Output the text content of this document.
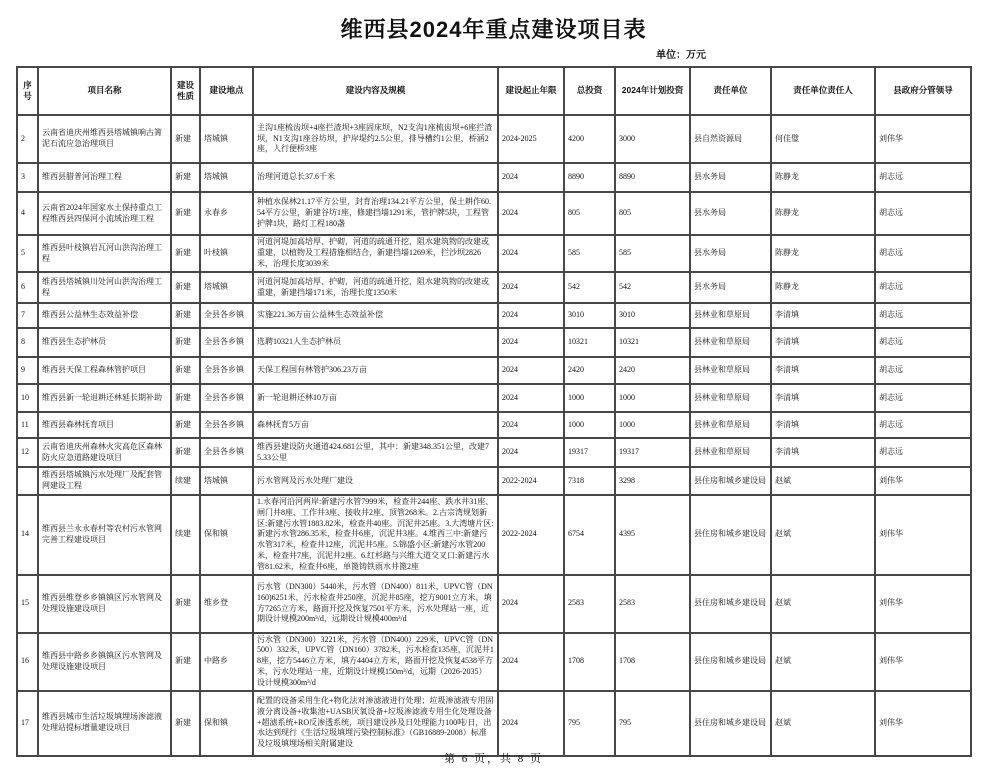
维西县2024年重点建设项目表
单位：万元
序号	项目名称	建设性质	建设地点	建设内容及规模	建设起止年限	总投资	2024年计划投资	责任单位	责任单位责任人	县政府分管领导
2	云南省迪庆州维西县塔城镇响古箐泥石流应急治理项目	新建	塔城镇	主沟1座梳齿坝+4座拦渣坝+3座固床坝，N2支沟1座梳齿坝+6座拦渣坝，N1支沟1座谷坊坝，护岸堤约2.5公里，排导槽约1公里，桥涵2座，人行便桥3座	2024-2025	4200	3000	县自然资源局	何佳璧	刘伟华
3	维西县腊普河治理工程	新建	塔城镇	治理河道总长37.6千米	2024	8890	8890	县水务局	陈静龙	胡志远
4	云南省2024年国家水土保持重点工程维西县四保河小流域治理工程	新建	永春乡	种植水保林21.17平方公里，封育治理134.21平方公里，保土耕作60.54平方公里，新建谷坊1座，修建挡墙1291米，管护牌5块，工程管护牌1块，路灯工程180盏	2024	805	805	县水务局	陈静龙	胡志远
5	维西县叶枝镇岩瓦河山洪沟治理工程	新建	叶枝镇	河道河堤加高培厚、护砌，河道的疏通开挖，阻水建筑物的改建或重建，以植物及工程措施相结合，新建挡墙1269米，拦沙坝2826米，治理长度3039米	2024	585	585	县水务局	陈静龙	胡志远
6	维西县塔城镇川处河山洪沟治理工程	新建	塔城镇	河道河堤加高培厚、护砌，河道的疏通开挖，阻水建筑物的改建或重建，新建挡墙171米，治理长度1350米	2024	542	542	县水务局	陈静龙	胡志远
7	维西县公益林生态效益补偿	新建	全县各乡镇	实施221.36万亩公益林生态效益补偿	2024	3010	3010	县林业和草原局	李清填	胡志远
8	维西县生态护林员	新建	全县各乡镇	选聘10321人生态护林员	2024	10321	10321	县林业和草原局	李清填	胡志远
9	维西县天保工程森林管护项目	新建	全县各乡镇	天保工程国有林管护306.23万亩	2024	2420	2420	县林业和草原局	李清填	胡志远
10	维西县新一轮退耕还林延长期补助	新建	全县各乡镇	新一轮退耕还林10万亩	2024	1000	1000	县林业和草原局	李清填	胡志远
11	维西县森林抚育项目	新建	全县各乡镇	森林抚育5万亩	2024	1000	1000	县林业和草原局	李清填	胡志远
12	云南省迪庆州森林火灾高危区森林防火应急道路建设项目	新建	全县各乡镇	维西县建设防火通道424.681公里，其中：新建348.351公里，改建75.33公里	2024	19317	19317	县林业和草原局	李清填	胡志远
	维西县塔城镇污水处理厂及配套管网建设工程	续建	塔城镇	污水管网及污水处理厂建设	2022-2024	7318	3298	县住房和城乡建设局	赵斌	刘伟华
14	维西县兰永永春村等农村污水管网完善工程建设项目	续建	保和镇	1.永春河沿河两岸:新建污水管7999米，检查井244座、跌水井31座、闸门井8座、工作井3座、接收井2座、顶管268米。2.古宗湾规划新区:新建污水管1883.82米，检查井40座。沉泥井25座。3.大湾塘片区:新建污水管286.35米，检查井6座，沉泥井3座。4.维西三中:新建污水管317米，检查井12座，沉泥井5座。5.锦盛小区:新建污水管200米，检查井7座，沉泥井2座。6.红杉路与兴维大道交叉口:新建污水管81.62米，检查井6座，单篦铸铁雨水井篦2座	2022-2024	6754	4395	县住房和城乡建设局	赵斌	刘伟华
15	维西县维登乡乡镇镇区污水管网及处理设施建设项目	新建	维乡登	污水管（DN300）5440米，污水管（DN400）811米，UPVC管（DN160)6251米，污水检查井250座，沉泥井85座，挖方9001立方米，填方7265立方米，路面开挖及恢复7501平方米，污水处理站一座，近期设计规模200m³/d，远期设计规模400m³/d	2024	2583	2583	县住房和城乡建设局	赵斌	刘伟华
16	维西县中路乡乡镇镇区污水管网及处理设施建设项目	新建	中路乡	污水管（DN300）3221米，污水管（DN400）229米，UPVC管（DN500）332米，UPVC管（DN160）3782米，污水检查135座，沉泥井18座，挖方5446立方米，填方4404立方米，路面开挖及恢复4538平方米，污水处理站一座，近期设计规模150m³/d，远期（2026-2035）设计规模300m³/d	2024	1708	1708	县住房和城乡建设局	赵斌	刘伟华
17	维西县城市生活垃圾填埋场渗滤液处理站提标增量建设项目	新建	保和镇	配置的设备采用生化+物化法对渗滤液进行处理；垃圾渗滤液专用固液分离设备+收集池+UASB厌氧设备+垃圾渗滤液专用生化处理设备+超滤系统+RO反渗透系统，项目建设涉及日处理能力100吨/日，出水达到现行《生活垃圾填埋污染控制标准》（GB16889-2008）标准及垃圾填埋场相关附属建设	2024	795	795	县住房和城乡建设局	赵斌	刘伟华
第 6 页，共 8 页
